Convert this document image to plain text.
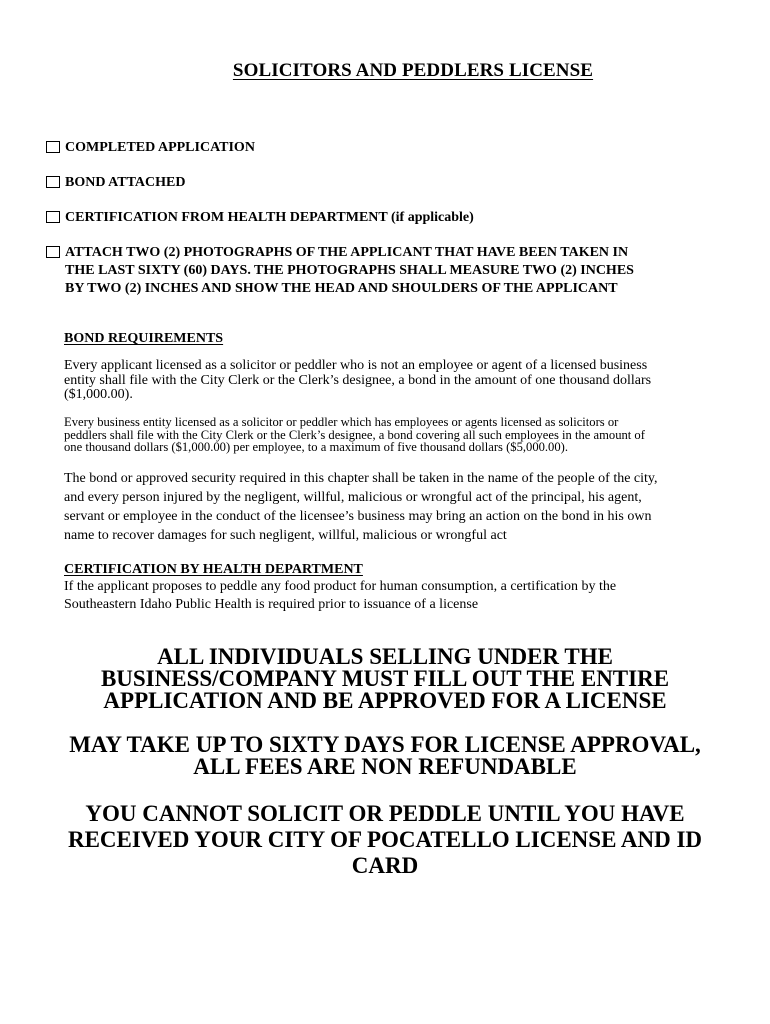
SOLICITORS AND PEDDLERS LICENSE
COMPLETED APPLICATION
BOND ATTACHED
CERTIFICATION FROM HEALTH DEPARTMENT (if applicable)
ATTACH TWO (2) PHOTOGRAPHS OF THE APPLICANT THAT HAVE BEEN TAKEN IN
THE LAST SIXTY (60) DAYS. THE PHOTOGRAPHS SHALL MEASURE TWO (2) INCHES
BY TWO (2) INCHES AND SHOW THE HEAD AND SHOULDERS OF THE APPLICANT
BOND REQUIREMENTS
Every applicant licensed as a solicitor or peddler who is not an employee or agent of a licensed business
entity shall file with the City Clerk or the Clerk’s designee, a bond in the amount of one thousand dollars
($1,000.00).
Every business entity licensed as a solicitor or peddler which has employees or agents licensed as solicitors or
peddlers shall file with the City Clerk or the Clerk’s designee, a bond covering all such employees in the amount of
one thousand dollars ($1,000.00) per employee, to a maximum of five thousand dollars ($5,000.00).
The bond or approved security required in this chapter shall be taken in the name of the people of the city,
and every person injured by the negligent, willful, malicious or wrongful act of the principal, his agent,
servant or employee in the conduct of the licensee’s business may bring an action on the bond in his own
name to recover damages for such negligent, willful, malicious or wrongful act
CERTIFICATION BY HEALTH DEPARTMENT
If the applicant proposes to peddle any food product for human consumption, a certification by the
Southeastern Idaho Public Health is required prior to issuance of a license
ALL INDIVIDUALS SELLING UNDER THE
BUSINESS/COMPANY MUST FILL OUT THE ENTIRE
APPLICATION AND BE APPROVED FOR A LICENSE
MAY TAKE UP TO SIXTY DAYS FOR LICENSE APPROVAL,
ALL FEES ARE NON REFUNDABLE
YOU CANNOT SOLICIT OR PEDDLE UNTIL YOU HAVE
RECEIVED YOUR CITY OF POCATELLO LICENSE AND ID
CARD
